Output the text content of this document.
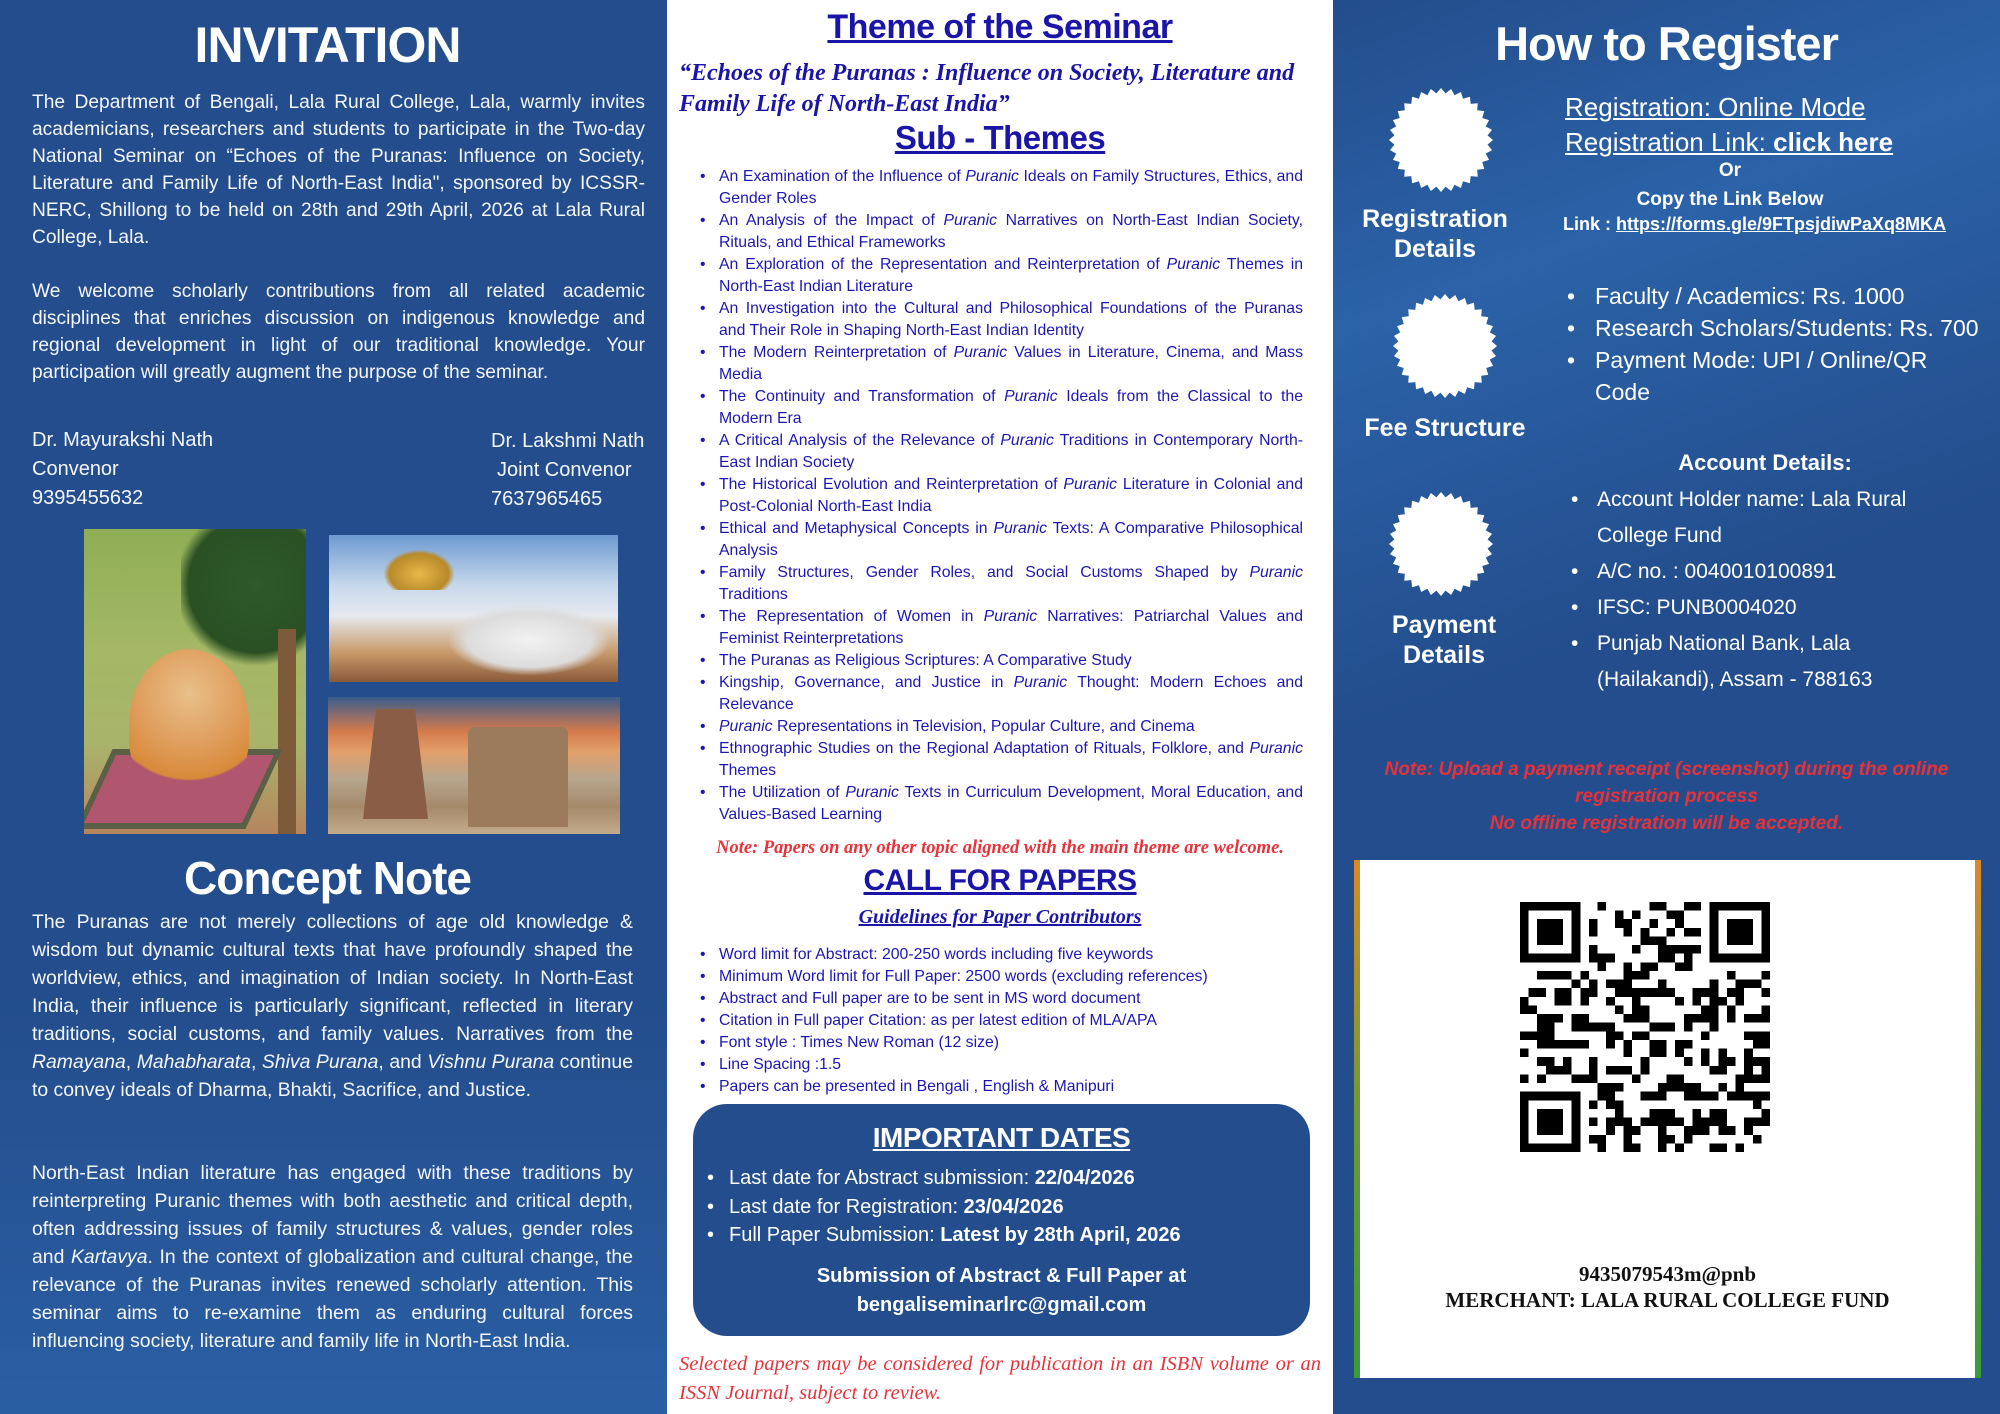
INVITATION

The Department of Bengali, Lala Rural College, Lala, warmly invites academicians, researchers and students to participate in the Two-day National Seminar on “Echoes of the Puranas: Influence on Society, Literature and Family Life of North-East India", sponsored by ICSSR-NERC, Shillong to be held on 28th and 29th April, 2026 at Lala Rural College, Lala.

We welcome scholarly contributions from all related academic disciplines that enriches discussion on indigenous knowledge and regional development in light of our traditional knowledge. Your participation will greatly augment the purpose of the seminar.

Dr. Mayurakshi Nath
Convenor
9395455632
Dr. Lakshmi Nath
Joint Convenor
7637965465
Concept Note

The Puranas are not merely collections of age old knowledge & wisdom but dynamic cultural texts that have profoundly shaped the worldview, ethics, and imagination of Indian society. In North-East India, their influence is particularly significant, reflected in literary traditions, social customs, and family values. Narratives from the Ramayana, Mahabharata, Shiva Purana, and Vishnu Purana continue to convey ideals of Dharma, Bhakti, Sacrifice, and Justice.

North-East Indian literature has engaged with these traditions by reinterpreting Puranic themes with both aesthetic and critical depth, often addressing issues of family structures & values, gender roles and Kartavya. In the context of globalization and cultural change, the relevance of the Puranas invites renewed scholarly attention. This seminar aims to re-examine them as enduring cultural forces influencing society, literature and family life in North-East India.

Theme of the Seminar

“Echoes of the Puranas : Influence on Society, Literature and Family Life of North-East India”

Sub - Themes
• An Examination of the Influence of Puranic Ideals on Family Structures, Ethics, and Gender Roles
• An Analysis of the Impact of Puranic Narratives on North-East Indian Society, Rituals, and Ethical Frameworks
• An Exploration of the Representation and Reinterpretation of Puranic Themes in North-East Indian Literature
• An Investigation into the Cultural and Philosophical Foundations of the Puranas and Their Role in Shaping North-East Indian Identity
• The Modern Reinterpretation of Puranic Values in Literature, Cinema, and Mass Media
• The Continuity and Transformation of Puranic Ideals from the Classical to the Modern Era
• A Critical Analysis of the Relevance of Puranic Traditions in Contemporary North-East Indian Society
• The Historical Evolution and Reinterpretation of Puranic Literature in Colonial and Post-Colonial North-East India
• Ethical and Metaphysical Concepts in Puranic Texts: A Comparative Philosophical Analysis
• Family Structures, Gender Roles, and Social Customs Shaped by Puranic Traditions
• The Representation of Women in Puranic Narratives: Patriarchal Values and Feminist Reinterpretations
• The Puranas as Religious Scriptures: A Comparative Study
• Kingship, Governance, and Justice in Puranic Thought: Modern Echoes and Relevance
• Puranic Representations in Television, Popular Culture, and Cinema
• Ethnographic Studies on the Regional Adaptation of Rituals, Folklore, and Puranic Themes
• The Utilization of Puranic Texts in Curriculum Development, Moral Education, and Values-Based Learning

Note: Papers on any other topic aligned with the main theme are welcome.

CALL FOR PAPERS
Guidelines for Paper Contributors
• Word limit for Abstract: 200-250 words including five keywords
• Minimum Word limit for Full Paper: 2500 words (excluding references)
• Abstract and Full paper are to be sent in MS word document
• Citation in Full paper Citation: as per latest edition of MLA/APA
• Font style : Times New Roman (12 size)
• Line Spacing :1.5
• Papers can be presented in Bengali , English & Manipuri
IMPORTANT DATES
• Last date for Abstract submission: 22/04/2026
• Last date for Registration: 23/04/2026
• Full Paper Submission: Latest by 28th April, 2026
Submission of Abstract & Full Paper at
bengaliseminarlrc@gmail.com

Selected papers may be considered for publication in an ISBN volume or an ISSN Journal, subject to review.

How to Register
Registration Details
Fee Structure
Payment Details
Registration: Online Mode
Registration Link: click here
Or
Copy the Link Below
Link : https://forms.gle/9FTpsjdiwPaXq8MKA
• Faculty / Academics: Rs. 1000
• Research Scholars/Students: Rs. 700
• Payment Mode: UPI / Online/QR Code
Account Details:
• Account Holder name: Lala Rural College Fund
• A/C no. : 0040010100891
• IFSC: PUNB0004020
• Punjab National Bank, Lala (Hailakandi), Assam - 788163
Note: Upload a payment receipt (screenshot) during the online registration process
No offline registration will be accepted.
9435079543m@pnb
MERCHANT: LALA RURAL COLLEGE FUND
